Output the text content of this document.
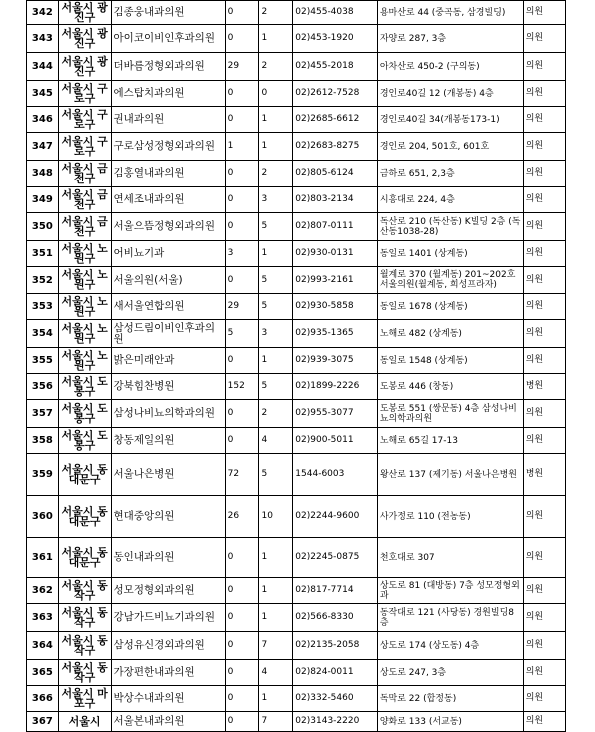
342	서울시 광진구	김종웅내과의원	0	2	02)455-4038	용마산로 44 (중곡동, 삼경빌딩)	의원
343	서울시 광진구	아이코이비인후과의원	0	1	02)453-1920	자양로 287, 3층	의원
344	서울시 광진구	더바름정형외과의원	29	2	02)455-2018	아차산로 450-2 (구의동)	의원
345	서울시 구로구	에스탑치과의원	0	0	02)2612-7528	경인로40길 12 (개봉동) 4층	의원
346	서울시 구로구	권내과의원	0	1	02)2685-6612	경인로40길 34(개봉동173-1)	의원
347	서울시 구로구	구로삼성정형외과의원	1	1	02)2683-8275	경인로 204, 501호, 601호	의원
348	서울시 금천구	김홍열내과의원	0	2	02)805-6124	금하로 651, 2,3층	의원
349	서울시 금천구	연세조내과의원	0	3	02)803-2134	시흥대로 224, 4층	의원
350	서울시 금천구	서울으뜸정형외과의원	0	5	02)807-0111	독산로 210 (독산동) K빌딩 2층 (독산동1038-28)	의원
351	서울시 노원구	어비뇨기과	3	1	02)930-0131	동일로 1401 (상계동)	의원
352	서울시 노원구	서울의원(서울)	0	5	02)993-2161	월계로 370 (월계동) 201~202호 서울의원(월계동, 희성프라자)	의원
353	서울시 노원구	새서울연합의원	29	5	02)930-5858	동일로 1678 (상계동)	의원
354	서울시 노원구	삼성드림이비인후과의원	5	3	02)935-1365	노해로 482 (상계동)	의원
355	서울시 노원구	밝은미래안과	0	1	02)939-3075	동일로 1548 (상계동)	의원
356	서울시 도봉구	강북힘찬병원	152	5	02)1899-2226	도봉로 446 (창동)	병원
357	서울시 도봉구	삼성나비뇨의학과의원	0	2	02)955-3077	도봉로 551 (쌍문동) 4층 삼성나비뇨의학과의원	의원
358	서울시 도봉구	창동제일의원	0	4	02)900-5011	노해로 65길 17-13	의원
359	서울시 동대문구	서울나은병원	72	5	1544-6003	왕산로 137 (제기동) 서울나은병원	병원
360	서울시 동대문구	현대중앙의원	26	10	02)2244-9600	사가정로 110 (전농동)	의원
361	서울시 동대문구	동인내과의원	0	1	02)2245-0875	천호대로 307	의원
362	서울시 동작구	성모정형외과의원	0	1	02)817-7714	상도로 81 (대방동) 7층 성모정형외과	의원
363	서울시 동작구	강남가드비뇨기과의원	0	1	02)566-8330	동작대로 121 (사당동) 경원빌딩8층	의원
364	서울시 동작구	삼성유신경외과의원	0	7	02)2135-2058	상도로 174 (상도동) 4층	의원
365	서울시 동작구	가장편한내과의원	0	4	02)824-0011	상도로 247, 3층	의원
366	서울시 마포구	박상수내과의원	0	1	02)332-5460	독막로 22 (합정동)	의원
367	서울시	서울본내과의원	0	7	02)3143-2220	양화로 133 (서교동)	의원
